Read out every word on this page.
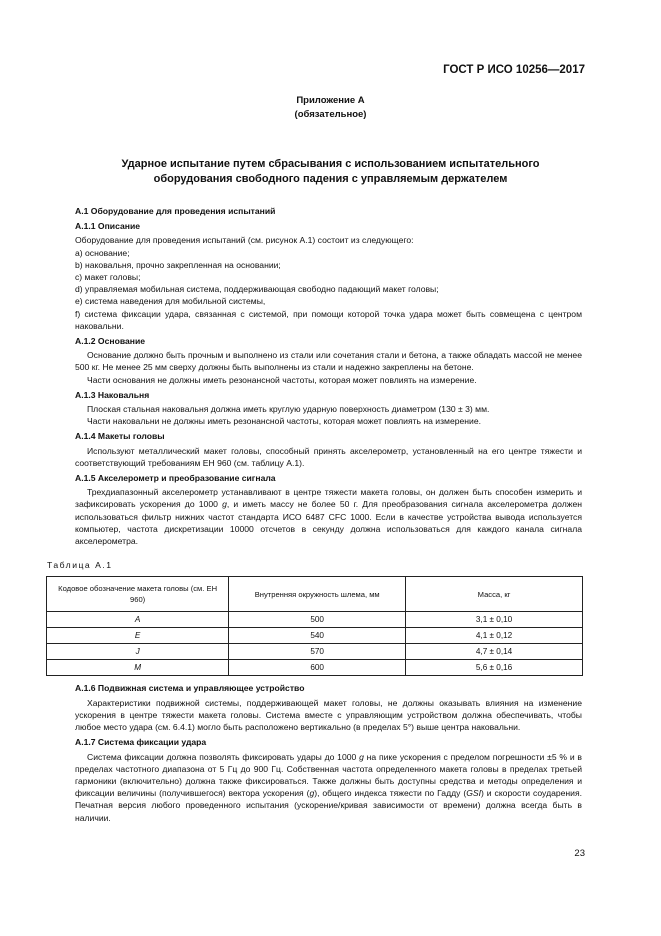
ГОСТ Р ИСО 10256—2017
Приложение А
(обязательное)
Ударное испытание путем сбрасывания с использованием испытательного
оборудования свободного падения с управляемым держателем

A.1 Оборудование для проведения испытаний

A.1.1 Описание

Оборудование для проведения испытаний (см. рисунок А.1) состоит из следующего:

a) основание;

b) наковальня, прочно закрепленная на основании;

c) макет головы;

d) управляемая мобильная система, поддерживающая свободно падающий макет головы;

e) система наведения для мобильной системы,

f) система фиксации удара, связанная с системой, при помощи которой точка удара может быть совмещена с центром наковальни.

A.1.2 Основание

Основание должно быть прочным и выполнено из стали или сочетания стали и бетона, а также обладать массой не менее 500 кг. Не менее 25 мм сверху должны быть выполнены из стали и надежно закреплены на бетоне.

Части основания не должны иметь резонансной частоты, которая может повлиять на измерение.

A.1.3 Наковальня

Плоская стальная наковальня должна иметь круглую ударную поверхность диаметром (130 ± 3) мм.

Части наковальни не должны иметь резонансной частоты, которая может повлиять на измерение.

A.1.4 Макеты головы

Используют металлический макет головы, способный принять акселерометр, установленный на его центре тяжести и соответствующий требованиям ЕН 960 (см. таблицу А.1).

A.1.5 Акселерометр и преобразование сигнала

Трехдиапазонный акселерометр устанавливают в центре тяжести макета головы, он должен быть способен измерить и зафиксировать ускорения до 1000 g, и иметь массу не более 50 г. Для преобразования сигнала акселерометра должен использоваться фильтр нижних частот стандарта ИСО 6487 CFC 1000. Если в качестве устройства вывода используется компьютер, частота дискретизации 10000 отсчетов в секунду должна использоваться для каждого канала сигнала акселерометра.

Таблица А.1

Кодовое обозначение макета головы (см. ЕН 960)	Внутренняя окружность шлема, мм	Масса, кг
A	500	3,1 ± 0,10
E	540	4,1 ± 0,12
J	570	4,7 ± 0,14
M	600	5,6 ± 0,16

A.1.6 Подвижная система и управляющее устройство

Характеристики подвижной системы, поддерживающей макет головы, не должны оказывать влияния на изменение ускорения в центре тяжести макета головы. Система вместе с управляющим устройством должна обеспечивать, чтобы любое место удара (см. 6.4.1) могло быть расположено вертикально (в пределах 5°) выше центра наковальни.

A.1.7 Система фиксации удара

Система фиксации должна позволять фиксировать удары до 1000 g на пике ускорения с пределом погрешности ±5 % и в пределах частотного диапазона от 5 Гц до 900 Гц. Собственная частота определенного макета головы в пределах третьей гармоники (включительно) должна также фиксироваться. Также должны быть доступны средства и методы определения и фиксации величины (получившегося) вектора ускорения (g), общего индекса тяжести по Гадду (GSI) и скорости соударения. Печатная версия любого проведенного испытания (ускорение/кривая зависимости от времени) должна всегда быть в наличии.

23
